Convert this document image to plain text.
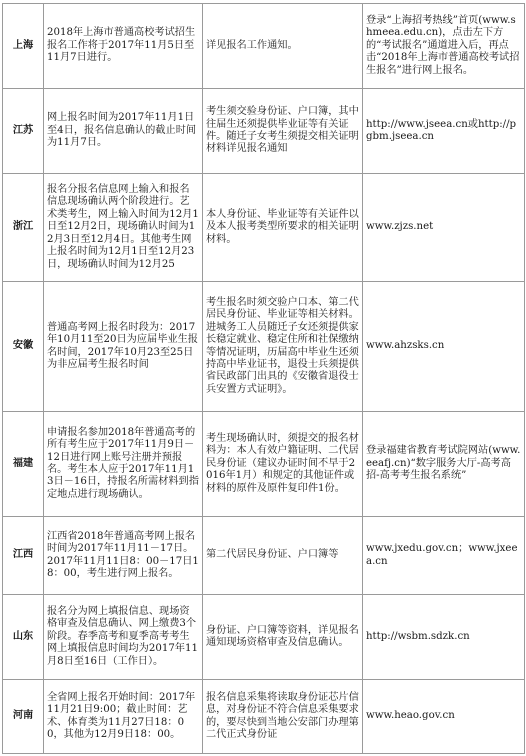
上海	2018年上海市普通高校考试招生报名工作将于2017年11月5日至11月7日进行。	详见报名工作通知。	登录“上海招考热线”首页(www.shmeea.edu.cn)，点击左下方的“考试报名”通道进入后，再点击“2018年上海市普通高校考试招生报名”进行网上报名。
江苏	网上报名时间为2017年11月1日至4日，报名信息确认的截止时间为11月7日。	考生须交验身份证、户口簿，其中往届生还须提供毕业证等有关证件。随迁子女考生须提交相关证明材料详见报名通知	http://www.jseea.cn或http://pgbm.jseea.cn
浙江	报名分报名信息网上输入和报名信息现场确认两个阶段进行。艺术类考生，网上输入时间为12月1日至12月2日，现场确认时间为12月3日至12月4日。其他考生网上报名时间为12月1日至12月23日，现场确认时间为12月25	本人身份证、毕业证等有关证件以及本人报考类型所要求的相关证明材料。	www.zjzs.net
安徽	普通高考网上报名时段为：2017年10月11至20日为应届毕业生报名时间，2017年10月23至25日为非应届考生报名时间	考生报名时须交验户口本、第二代居民身份证、毕业证等相关材料。进城务工人员随迁子女还须提供家长稳定就业、稳定住所和社保缴纳等情况证明，历届高中毕业生还须持高中毕业证书，退役士兵须提供省民政部门出具的《安徽省退役士兵安置方式证明》。	www.ahzsks.cn
福建	申请报名参加2018年普通高考的所有考生应于2017年11月9日－12日进行网上账号注册并预报名。考生本人应于2017年11月13日－16日，持报名所需材料到指定地点进行现场确认。	考生现场确认时，须提交的报名材料为：本人有效户籍证明、二代居民身份证（建议办证时间不早于2016年1月）和规定的其他证件或材料的原件及原件复印件1份。	登录福建省教育考试院网站(www.eeafj.cn)“数字服务大厅-高考高招-高考考生报名系统”
江西	江西省2018年普通高考网上报名时间为2017年11月11－17日。2017年11月11日8：00－17日18：00，考生进行网上报名。	第二代居民身份证、户口簿等	www.jxedu.gov.cn；www.jxeea.cn
山东	报名分为网上填报信息、现场资格审查及信息确认、网上缴费3个阶段。春季高考和夏季高考考生网上填报信息时间均为2017年11月8日至16日（工作日）。	身份证、户口簿等资料，详见报名通知现场资格审查及信息确认。	http://wsbm.sdzk.cn
河南	全省网上报名开始时间：2017年11月21日9:00；截止时间：艺术、体育类为11月27日18：00，其他为12月9日18：00。	报名信息采集将读取身份证芯片信息，对身份证不符合信息采集要求的，要尽快到当地公安部门办理第二代正式身份证	www.heao.gov.cn
